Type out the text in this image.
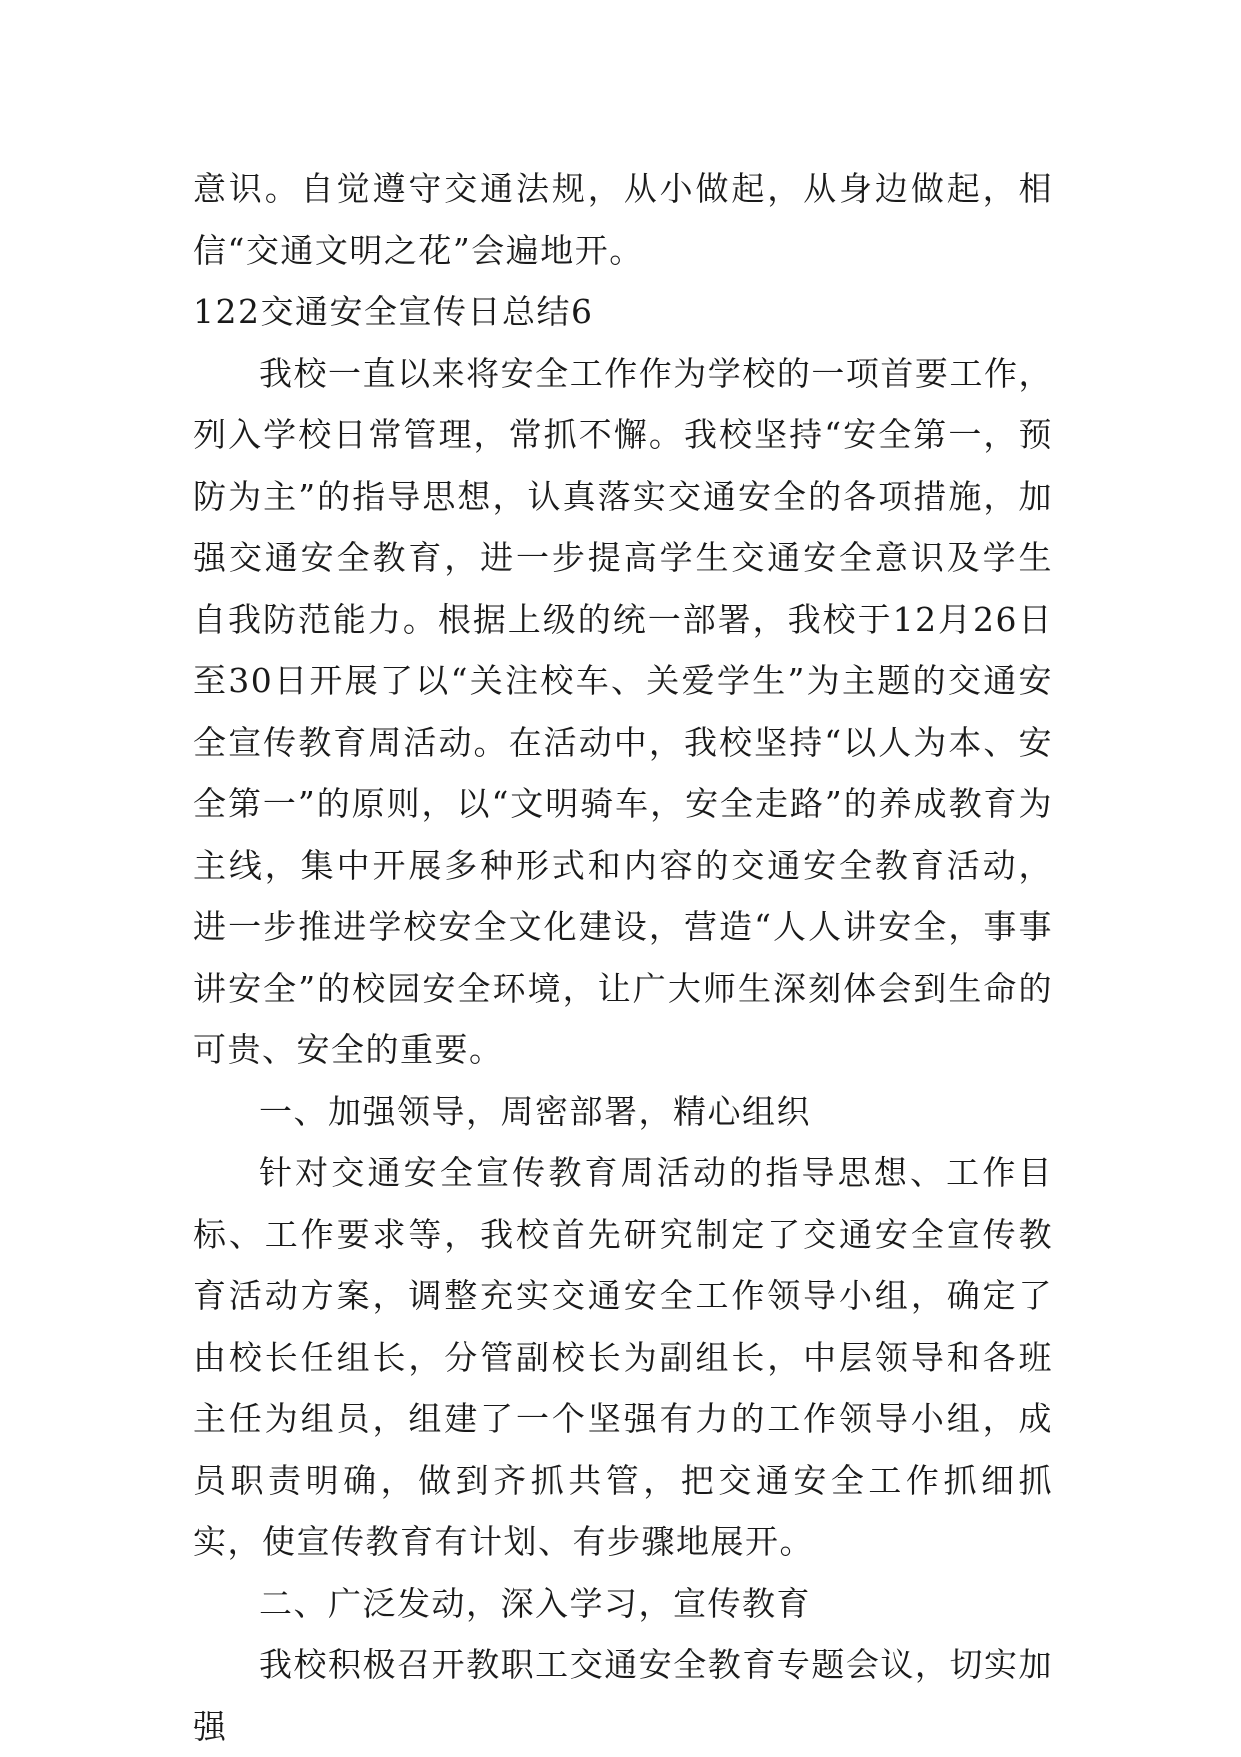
意识。自觉遵守交通法规，从小做起，从身边做起，相信“交通文明之花”会遍地开。

122交通安全宣传日总结6

我校一直以来将安全工作作为学校的一项首要工作，列入学校日常管理，常抓不懈。我校坚持“安全第一，预防为主”的指导思想，认真落实交通安全的各项措施，加强交通安全教育，进一步提高学生交通安全意识及学生自我防范能力。根据上级的统一部署，我校于12月26日至30日开展了以“关注校车、关爱学生”为主题的交通安全宣传教育周活动。在活动中，我校坚持“以人为本、安全第一”的原则，以“文明骑车，安全走路”的养成教育为主线，集中开展多种形式和内容的交通安全教育活动，进一步推进学校安全文化建设，营造“人人讲安全，事事讲安全”的校园安全环境，让广大师生深刻体会到生命的可贵、安全的重要。

一、加强领导，周密部署，精心组织

针对交通安全宣传教育周活动的指导思想、工作目标、工作要求等，我校首先研究制定了交通安全宣传教育活动方案，调整充实交通安全工作领导小组，确定了由校长任组长，分管副校长为副组长，中层领导和各班主任为组员，组建了一个坚强有力的工作领导小组，成员职责明确，做到齐抓共管，把交通安全工作抓细抓实，使宣传教育有计划、有步骤地展开。

二、广泛发动，深入学习，宣传教育

我校积极召开教职工交通安全教育专题会议，切实加强
